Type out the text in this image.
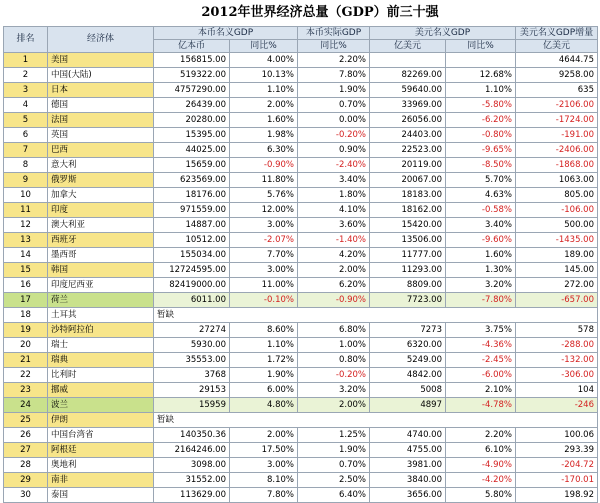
2012年世界经济总量（GDP）前三十强
排名	经济体	本币名义GDP		本币实际GDP	美元名义GDP		美元名义GDP增量
		亿本币	同比%	同比%	亿美元	同比%	亿美元
1	美国	156815.00	4.00%	2.20%			4644.75
2	中国(大陆)	519322.00	10.13%	7.80%	82269.00	12.68%	9258.00
3	日本	4757290.00	1.10%	1.90%	59640.00	1.10%	635
4	德国	26439.00	2.00%	0.70%	33969.00	-5.80%	-2106.00
5	法国	20280.00	1.60%	0.00%	26056.00	-6.20%	-1724.00
6	英国	15395.00	1.98%	-0.20%	24403.00	-0.80%	-191.00
7	巴西	44025.00	6.30%	0.90%	22523.00	-9.65%	-2406.00
8	意大利	15659.00	-0.90%	-2.40%	20119.00	-8.50%	-1868.00
9	俄罗斯	623569.00	11.80%	3.40%	20067.00	5.70%	1063.00
10	加拿大	18176.00	5.76%	1.80%	18183.00	4.63%	805.00
11	印度	971559.00	12.00%	4.10%	18162.00	-0.58%	-106.00
12	澳大利亚	14887.00	3.00%	3.60%	15420.00	3.40%	500.00
13	西班牙	10512.00	-2.07%	-1.40%	13506.00	-9.60%	-1435.00
14	墨西哥	155034.00	7.70%	4.20%	11777.00	1.60%	189.00
15	韩国	12724595.00	3.00%	2.00%	11293.00	1.30%	145.00
16	印度尼西亚	82419000.00	11.00%	6.20%	8809.00	3.20%	272.00
17	荷兰	6011.00	-0.10%	-0.90%	7723.00	-7.80%	-657.00
18	土耳其	暂缺					
19	沙特阿拉伯	27274	8.60%	6.80%	7273	3.75%	578
20	瑞士	5930.00	1.10%	1.00%	6320.00	-4.36%	-288.00
21	瑞典	35553.00	1.72%	0.80%	5249.00	-2.45%	-132.00
22	比利时	3768	1.90%	-0.20%	4842.00	-6.00%	-306.00
23	挪威	29153	6.00%	3.20%	5008	2.10%	104
24	波兰	15959	4.80%	2.00%	4897	-4.78%	-246
25	伊朗	暂缺					
26	中国台湾省	140350.36	2.00%	1.25%	4740.00	2.20%	100.06
27	阿根廷	2164246.00	17.50%	1.90%	4755.00	6.10%	293.39
28	奥地利	3098.00	3.00%	0.70%	3981.00	-4.90%	-204.72
29	南非	31552.00	8.10%	2.50%	3840.00	-4.20%	-170.01
30	泰国	113629.00	7.80%	6.40%	3656.00	5.80%	198.92
